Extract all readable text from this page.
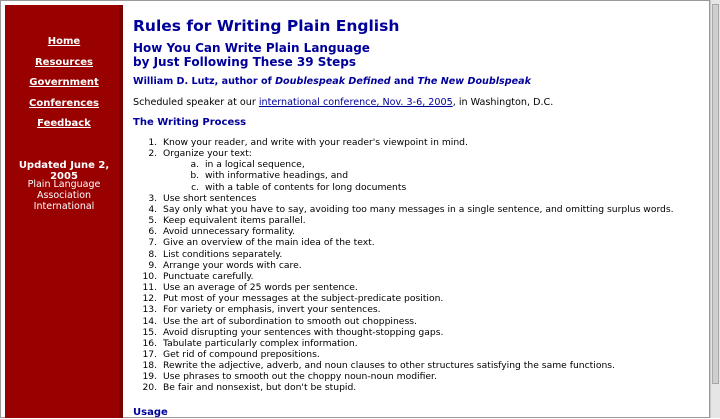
Home
Resources
Government
Conferences
Feedback
Updated June 2, 2005
Plain Language
Association
International
Rules for Writing Plain English
How You Can Write Plain Language
by Just Following These 39 Steps

William D. Lutz, author of Doublespeak Defined and The New Doublspeak

Scheduled speaker at our international conference, Nov. 3-6, 2005, in Washington, D.C.

The Writing Process
1. Know your reader, and write with your reader's viewpoint in mind.
2. Organize your text:
a. in a logical sequence,
b. with informative headings, and
c. with a table of contents for long documents
3. Use short sentences
4. Say only what you have to say, avoiding too many messages in a single sentence, and omitting surplus words.
5. Keep equivalent items parallel.
6. Avoid unnecessary formality.
7. Give an overview of the main idea of the text.
8. List conditions separately.
9. Arrange your words with care.
10. Punctuate carefully.
11. Use an average of 25 words per sentence.
12. Put most of your messages at the subject-predicate position.
13. For variety or emphasis, invert your sentences.
14. Use the art of subordination to smooth out choppiness.
15. Avoid disrupting your sentences with thought-stopping gaps.
16. Tabulate particularly complex information.
17. Get rid of compound prepositions.
18. Rewrite the adjective, adverb, and noun clauses to other structures satisfying the same functions.
19. Use phrases to smooth out the choppy noun-noun modifier.
20. Be fair and nonsexist, but don't be stupid.
Usage
